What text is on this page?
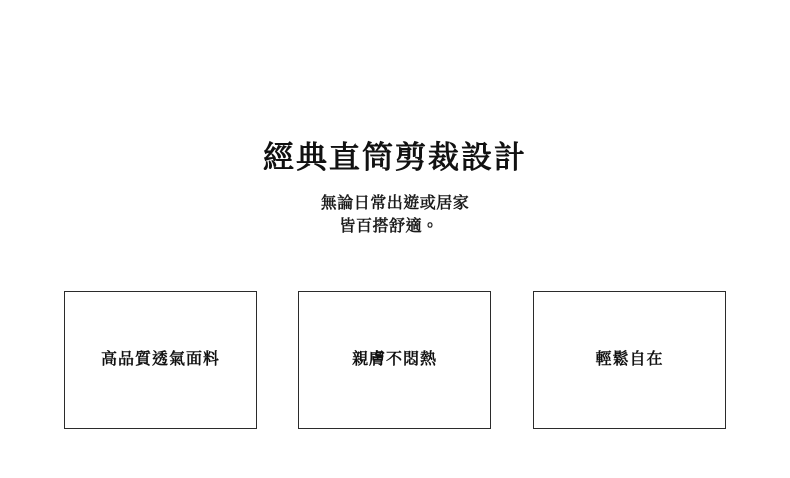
經典直筒剪裁設計
無論日常出遊或居家
皆百搭舒適。
高品質透氣面料	親膚不悶熱	輕鬆自在
